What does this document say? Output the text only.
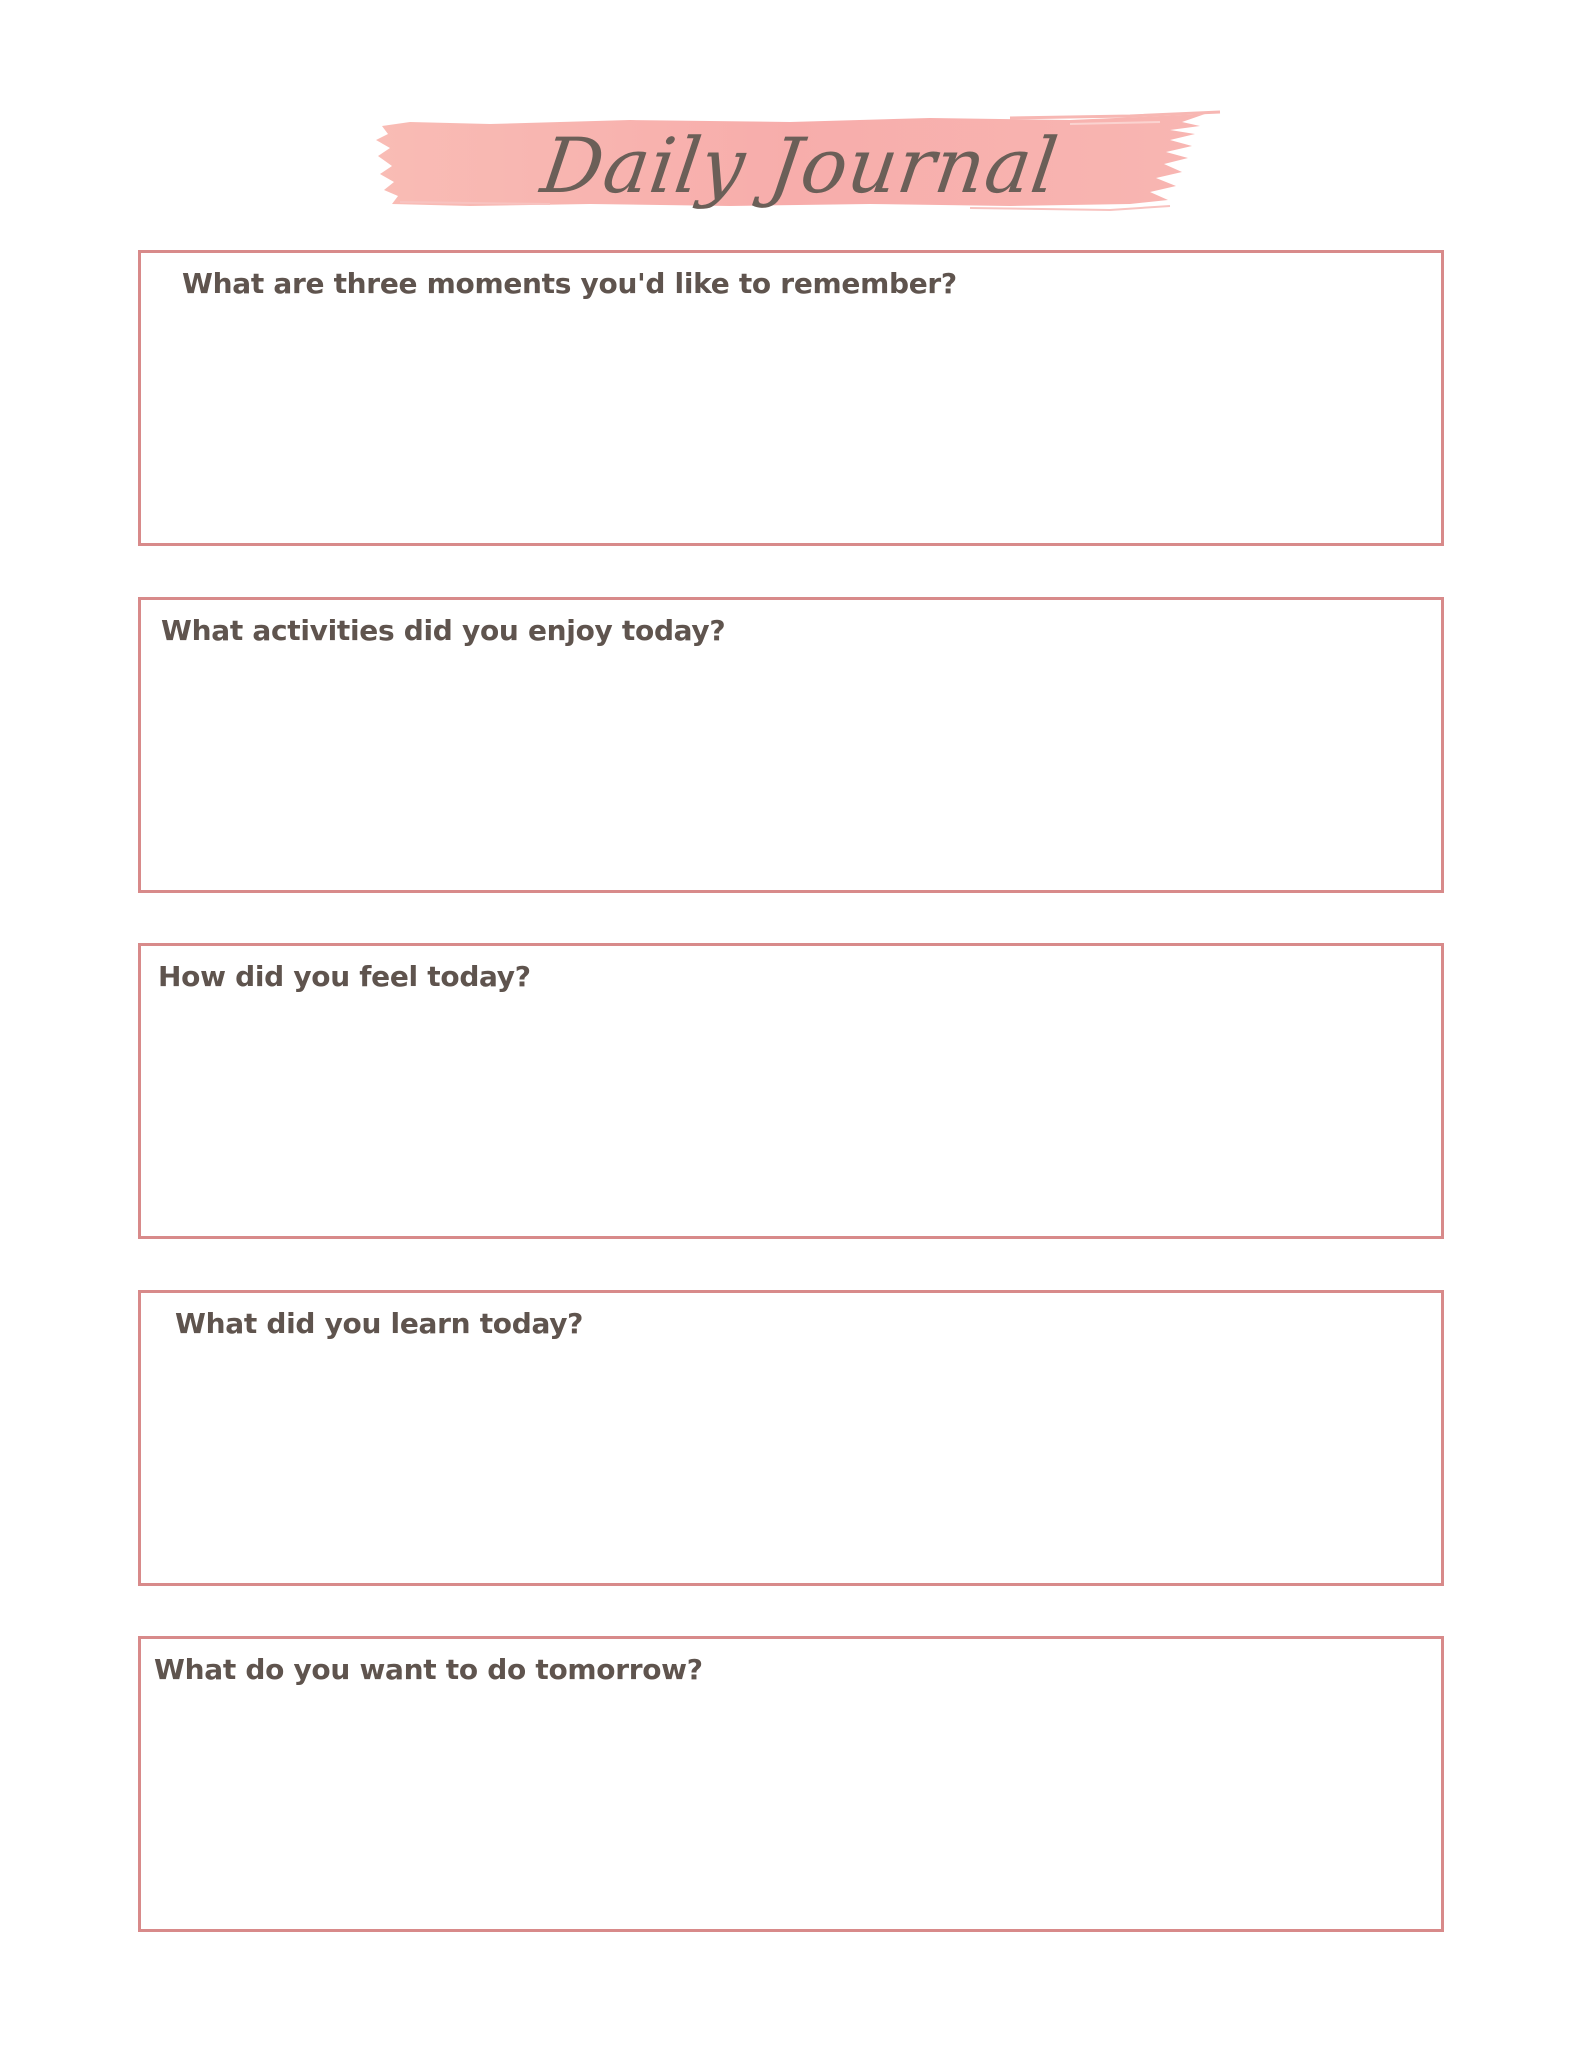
Daily Journal
What are three moments you'd like to remember?
What activities did you enjoy today?
How did you feel today?
What did you learn today?
What do you want to do tomorrow?
